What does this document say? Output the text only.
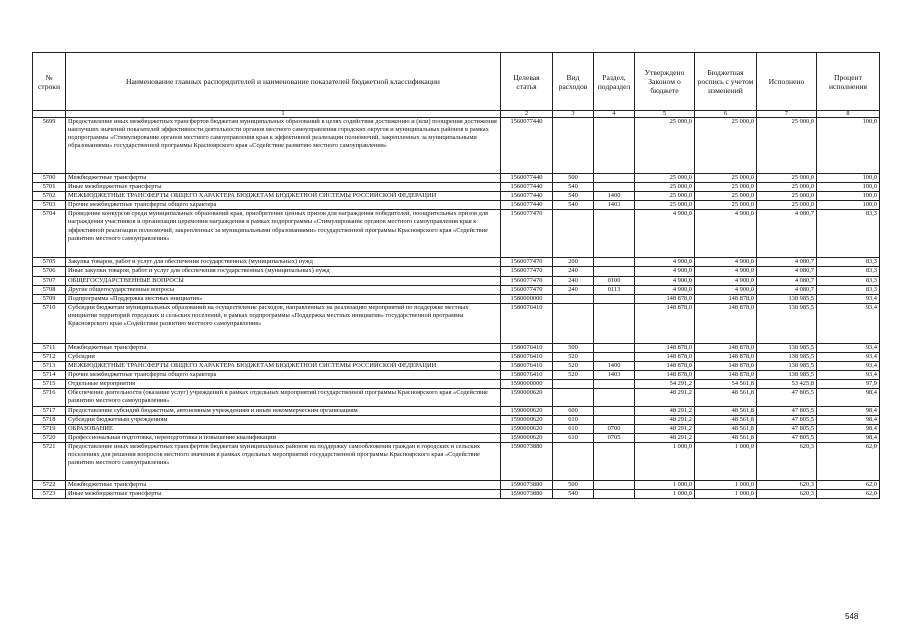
№ строки	Наименование главных распорядителей и наименование показателей бюджетной классификации	Целевая статья	Вид расходов	Раздел, подраздел	Утверждено Законом о бюджете	Бюджетная роспись с учетом изменений	Исполнено	Процент исполнения
	1	2	3	4	5	6	7	8
5699	Предоставление иных межбюджетных трансфертов бюджетам муниципальных образований в целях содействия достижению и (или) поощрения достижения наилучших значений показателей эффективности деятельности органов местного самоуправления городских округов и муниципальных районов в рамках подпрограммы «Стимулирование органов местного самоуправления края к эффективной реализации полномочий, закрепленных за муниципальными образованиями» государственной программы Красноярского края «Содействие развитию местного самоуправления»	1560077440			25 000,0	25 000,0	25 000,0	100,0
5700	Межбюджетные трансферты	1560077440	500		25 000,0	25 000,0	25 000,0	100,0
5701	Иные межбюджетные трансферты	1560077440	540		25 000,0	25 000,0	25 000,0	100,0
5702	МЕЖБЮДЖЕТНЫЕ ТРАНСФЕРТЫ ОБЩЕГО ХАРАКТЕРА БЮДЖЕТАМ БЮДЖЕТНОЙ СИСТЕМЫ РОССИЙСКОЙ ФЕДЕРАЦИИ	1560077440	540	1400	25 000,0	25 000,0	25 000,0	100,0
5703	Прочие межбюджетные трансферты общего характера	1560077440	540	1403	25 000,0	25 000,0	25 000,0	100,0
5704	Проведение конкурсов среди муниципальных образований края, приобретение ценных призов для награждения победителей, поощрительных призов для награждения участников и организации церемонии награждения в рамках подпрограммы «Стимулирование органов местного самоуправления края к эффективной реализации полномочий, закрепленных за муниципальными образованиями» государственной программы Красноярского края «Содействие развитию местного самоуправления»	1560077470			4 900,0	4 900,0	4 080,7	83,3
5705	Закупка товаров, работ и услуг для обеспечения государственных (муниципальных) нужд	1560077470	200		4 900,0	4 900,0	4 080,7	83,3
5706	Иные закупки товаров, работ и услуг для обеспечения государственных (муниципальных) нужд	1560077470	240		4 900,0	4 900,0	4 080,7	83,3
5707	ОБЩЕГОСУДАРСТВЕННЫЕ ВОПРОСЫ	1560077470	240	0100	4 900,0	4 900,0	4 080,7	83,3
5708	Другие общегосударственные вопросы	1560077470	240	0113	4 900,0	4 900,0	4 080,7	83,3
5709	Подпрограмма «Поддержка местных инициатив»	1580000000			148 878,0	148 878,0	138 985,5	93,4
5710	Субсидии бюджетам муниципальных образований на осуществление расходов, направленных на реализацию мероприятий по поддержке местных инициатив территорий городских и сельских поселений, в рамках подпрограммы «Поддержка местных инициатив» государственной программы Красноярского края «Содействие развитию местного самоуправления»	1580076410			148 878,0	148 878,0	138 985,5	93,4
5711	Межбюджетные трансферты	1580076410	500		148 878,0	148 878,0	138 985,5	93,4
5712	Субсидии	1580076410	520		148 878,0	148 878,0	138 985,5	93,4
5713	МЕЖБЮДЖЕТНЫЕ ТРАНСФЕРТЫ ОБЩЕГО ХАРАКТЕРА БЮДЖЕТАМ БЮДЖЕТНОЙ СИСТЕМЫ РОССИЙСКОЙ ФЕДЕРАЦИИ	1580076410	520	1400	148 878,0	148 878,0	138 985,5	93,4
5714	Прочие межбюджетные трансферты общего характера	1580076410	520	1403	148 878,0	148 878,0	138 985,5	93,4
5715	Отдельные мероприятия	1590000000			54 291,2	54 561,8	53 425,8	97,9
5716	Обеспечение деятельности (оказание услуг) учреждений в рамках отдельных мероприятий государственной программы Красноярского края «Содействие развитию местного самоуправления»	1590000620			48 291,2	48 561,8	47 805,5	98,4
5717	Предоставление субсидий бюджетным, автономным учреждениям и иным некоммерческим организациям	1590000620	600		48 291,2	48 561,8	47 805,5	98,4
5718	Субсидии бюджетным учреждениям	1590000620	610		48 291,2	48 561,8	47 805,5	98,4
5719	ОБРАЗОВАНИЕ	1590000620	610	0700	48 291,2	48 561,8	47 805,5	98,4
5720	Профессиональная подготовка, переподготовка и повышение квалификации	1590000620	610	0705	48 291,2	48 561,8	47 805,5	98,4
5721	Предоставление иных межбюджетных трансфертов бюджетам муниципальных районов на поддержку самообложения граждан в городских и сельских поселениях для решения вопросов местного значения в рамках отдельных мероприятий государственной программы Красноярского края «Содействие развитию местного самоуправления»	1590073880			1 000,0	1 000,0	620,3	62,0
5722	Межбюджетные трансферты	1590073880	500		1 000,0	1 000,0	620,3	62,0
5723	Иные межбюджетные трансферты	1590073880	540		1 000,0	1 000,0	620,3	62,0
548
